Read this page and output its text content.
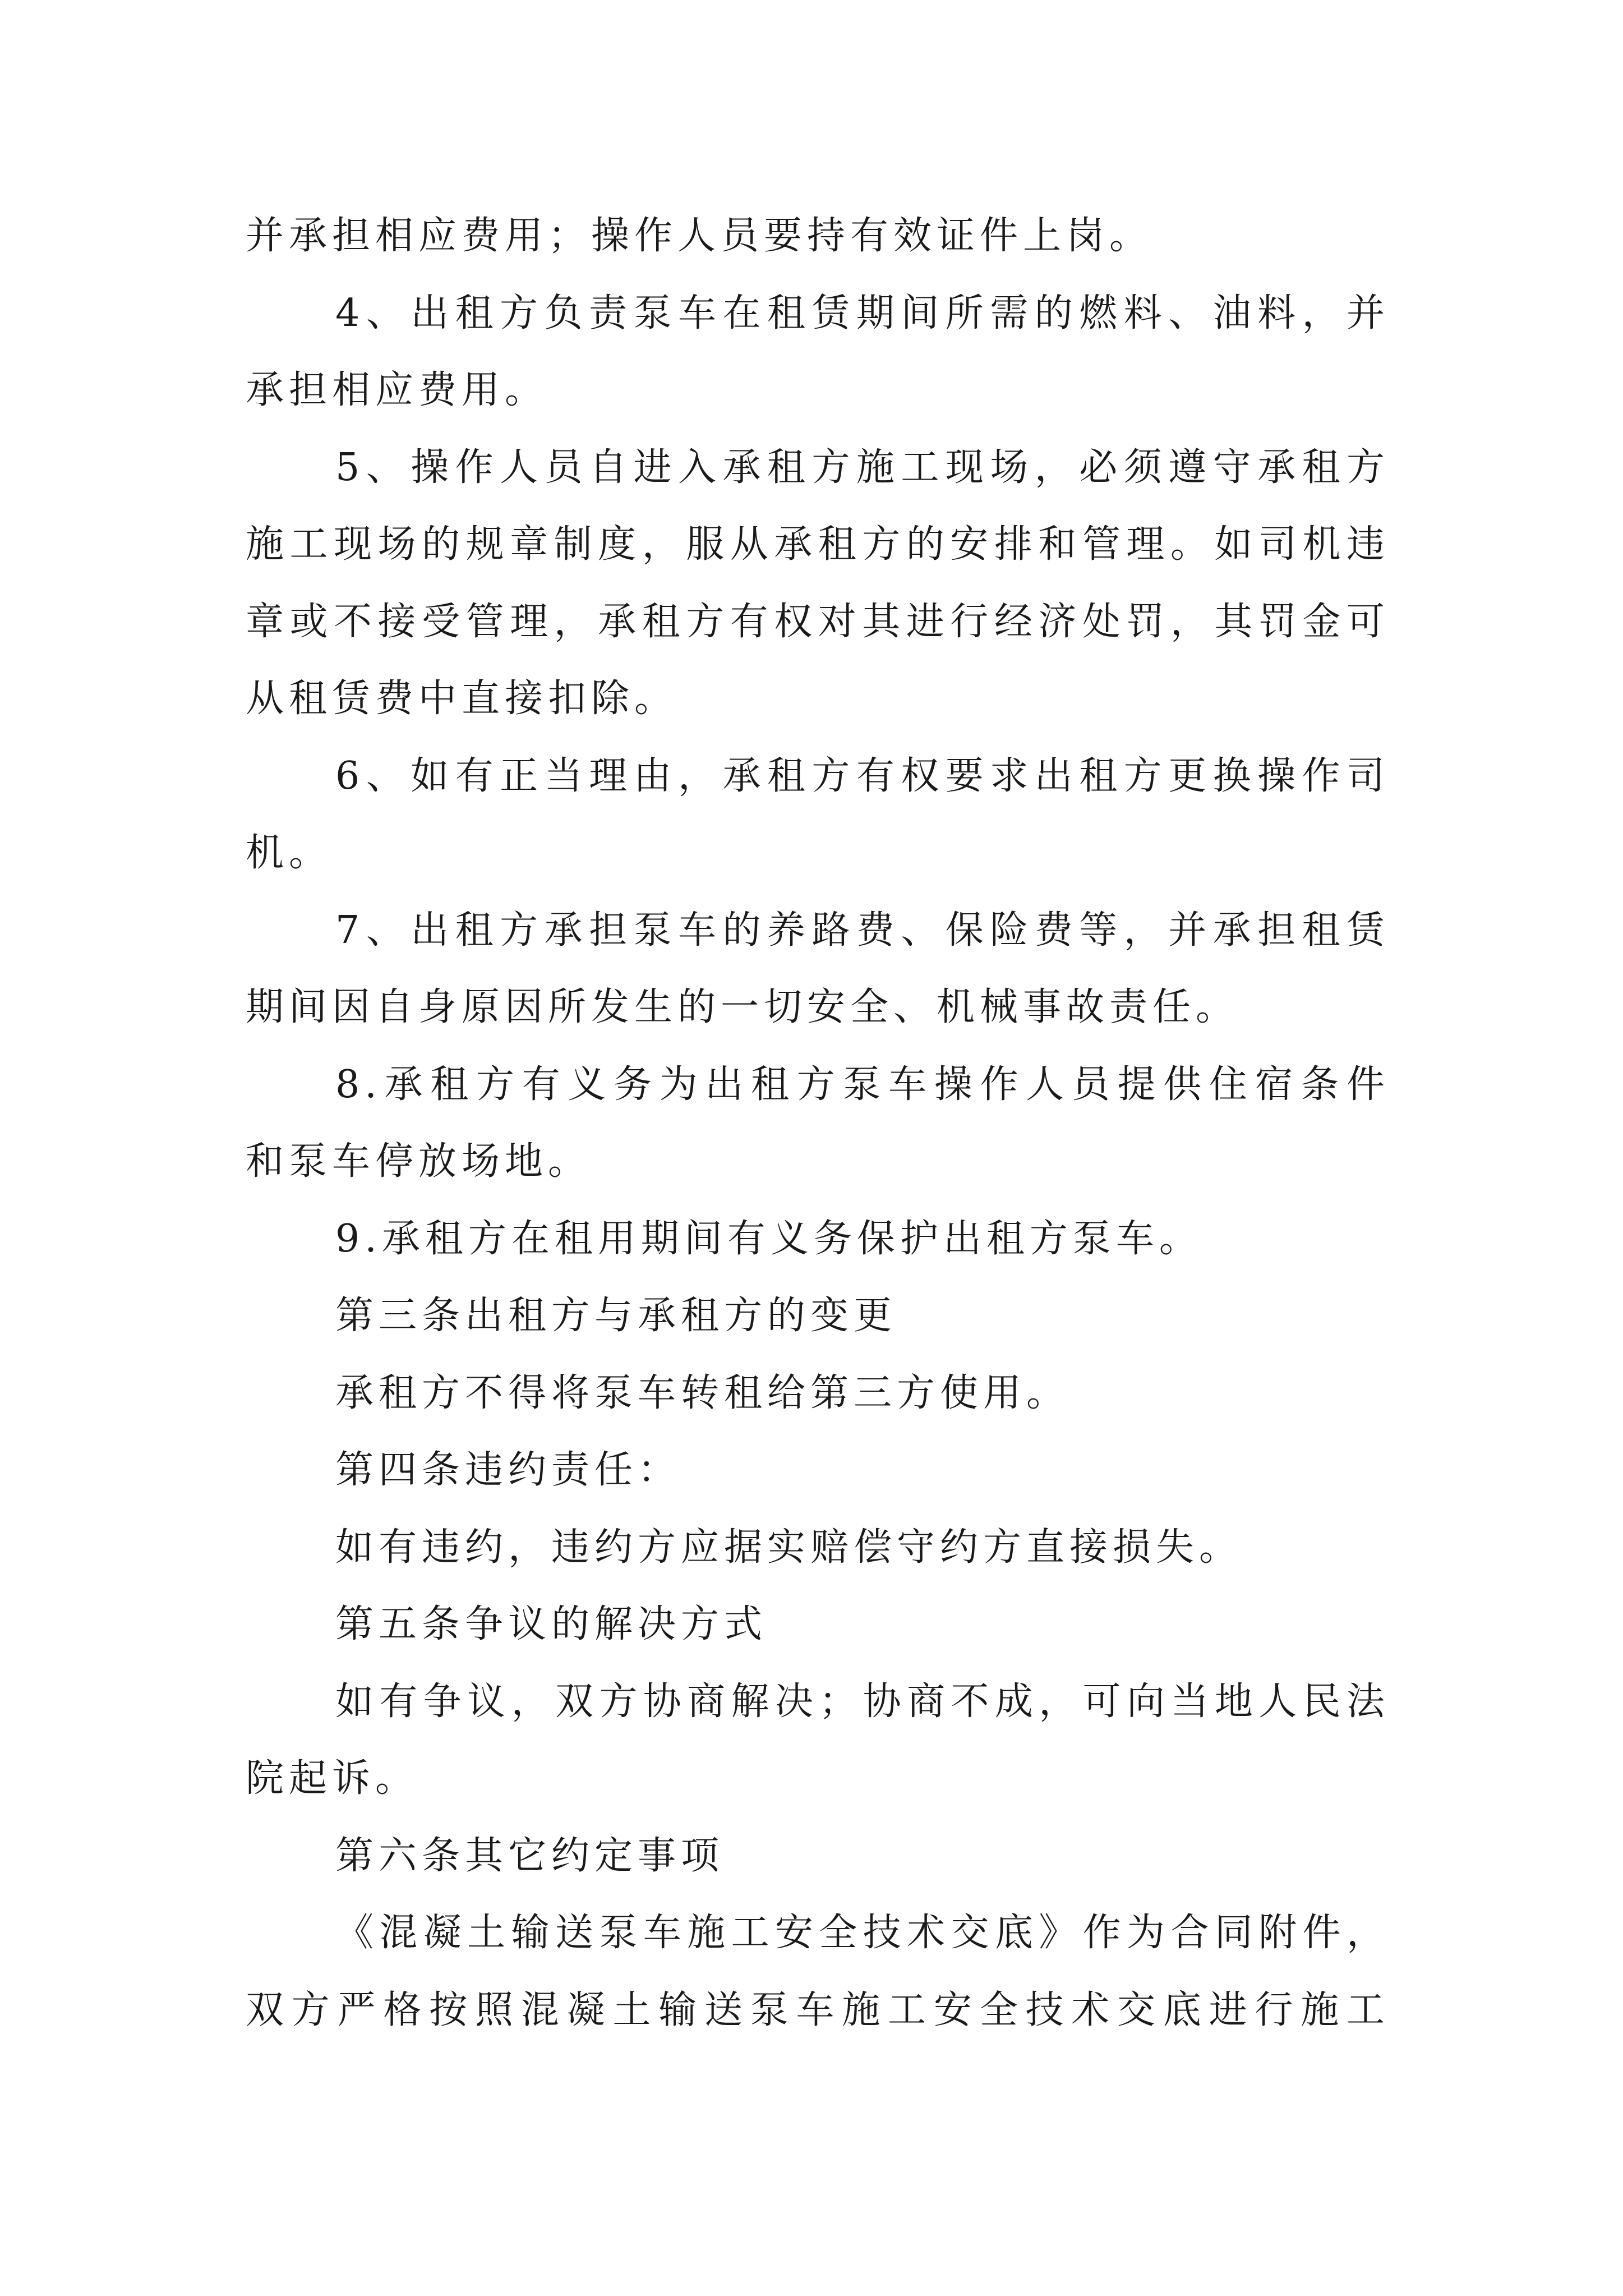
并承担相应费用；操作人员要持有效证件上岗。
4、出租方负责泵车在租赁期间所需的燃料、油料，并
承担相应费用。
5、操作人员自进入承租方施工现场，必须遵守承租方
施工现场的规章制度，服从承租方的安排和管理。如司机违
章或不接受管理，承租方有权对其进行经济处罚，其罚金可
从租赁费中直接扣除。
6、如有正当理由，承租方有权要求出租方更换操作司
机。
7、出租方承担泵车的养路费、保险费等，并承担租赁
期间因自身原因所发生的一切安全、机械事故责任。
8.承租方有义务为出租方泵车操作人员提供住宿条件
和泵车停放场地。
9.承租方在租用期间有义务保护出租方泵车。
第三条出租方与承租方的变更
承租方不得将泵车转租给第三方使用。
第四条违约责任：
如有违约，违约方应据实赔偿守约方直接损失。
第五条争议的解决方式
如有争议，双方协商解决；协商不成，可向当地人民法
院起诉。
第六条其它约定事项
《混凝土输送泵车施工安全技术交底》作为合同附件，
双方严格按照混凝土输送泵车施工安全技术交底进行施工
